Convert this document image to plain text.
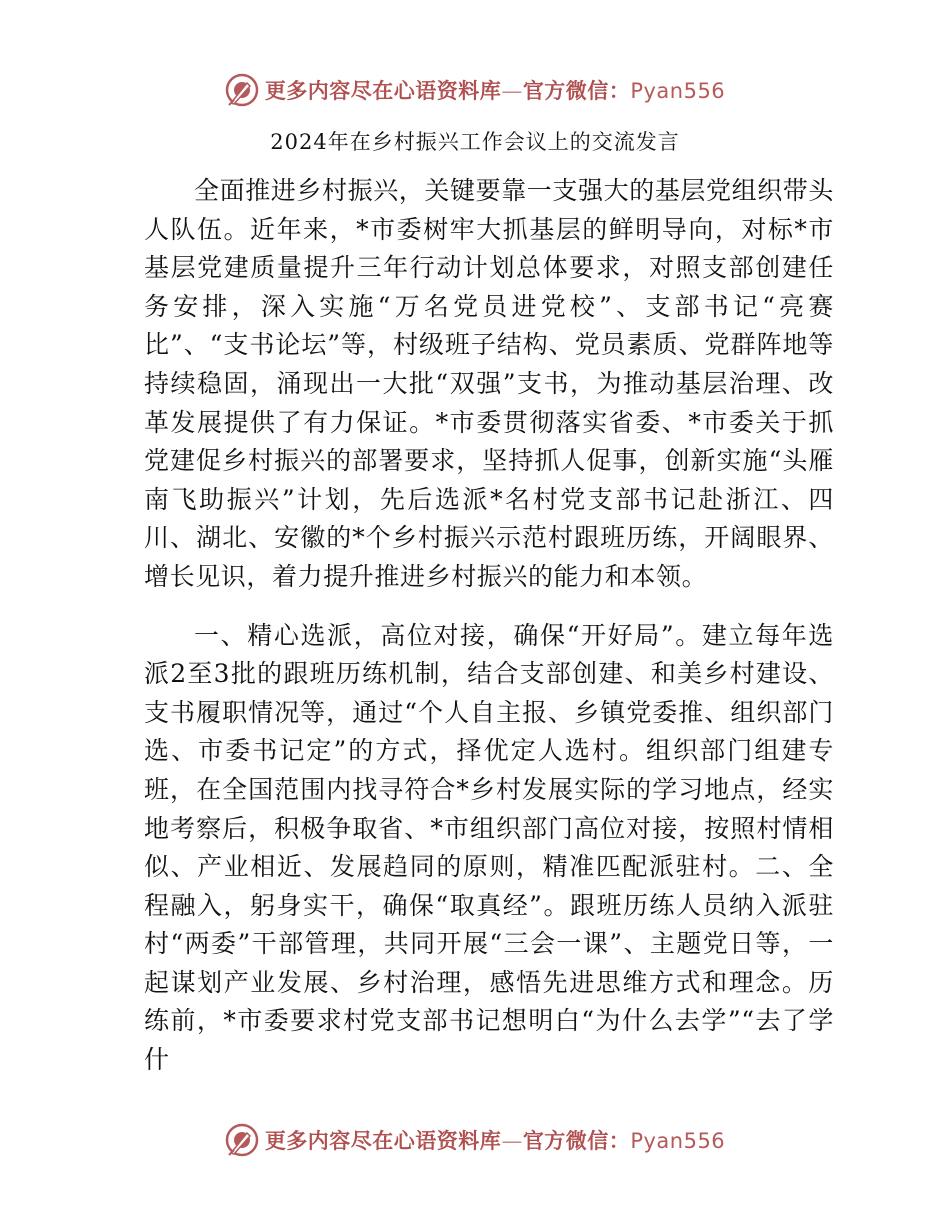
更多内容尽在心语资料库—官方微信：Pyan556
2024年在乡村振兴工作会议上的交流发言

全面推进乡村振兴，关键要靠一支强大的基层党组织带头人队伍。近年来，*市委树牢大抓基层的鲜明导向，对标*市基层党建质量提升三年行动计划总体要求，对照支部创建任务安排，深入实施“万名党员进党校”、支部书记“亮赛比”、“支书论坛”等，村级班子结构、党员素质、党群阵地等持续稳固，涌现出一大批“双强”支书，为推动基层治理、改革发展提供了有力保证。*市委贯彻落实省委、*市委关于抓党建促乡村振兴的部署要求，坚持抓人促事，创新实施“头雁南飞助振兴”计划，先后选派*名村党支部书记赴浙江、四川、湖北、安徽的*个乡村振兴示范村跟班历练，开阔眼界、增长见识，着力提升推进乡村振兴的能力和本领。

一、精心选派，高位对接，确保“开好局”。建立每年选派2至3批的跟班历练机制，结合支部创建、和美乡村建设、支书履职情况等，通过“个人自主报、乡镇党委推、组织部门选、市委书记定”的方式，择优定人选村。组织部门组建专班，在全国范围内找寻符合*乡村发展实际的学习地点，经实地考察后，积极争取省、*市组织部门高位对接，按照村情相似、产业相近、发展趋同的原则，精准匹配派驻村。二、全程融入，躬身实干，确保“取真经”。跟班历练人员纳入派驻村“两委”干部管理，共同开展“三会一课”、主题党日等，一起谋划产业发展、乡村治理，感悟先进思维方式和理念。历练前，*市委要求村党支部书记想明白“为什么去学”“去了学什

更多内容尽在心语资料库—官方微信：Pyan556
